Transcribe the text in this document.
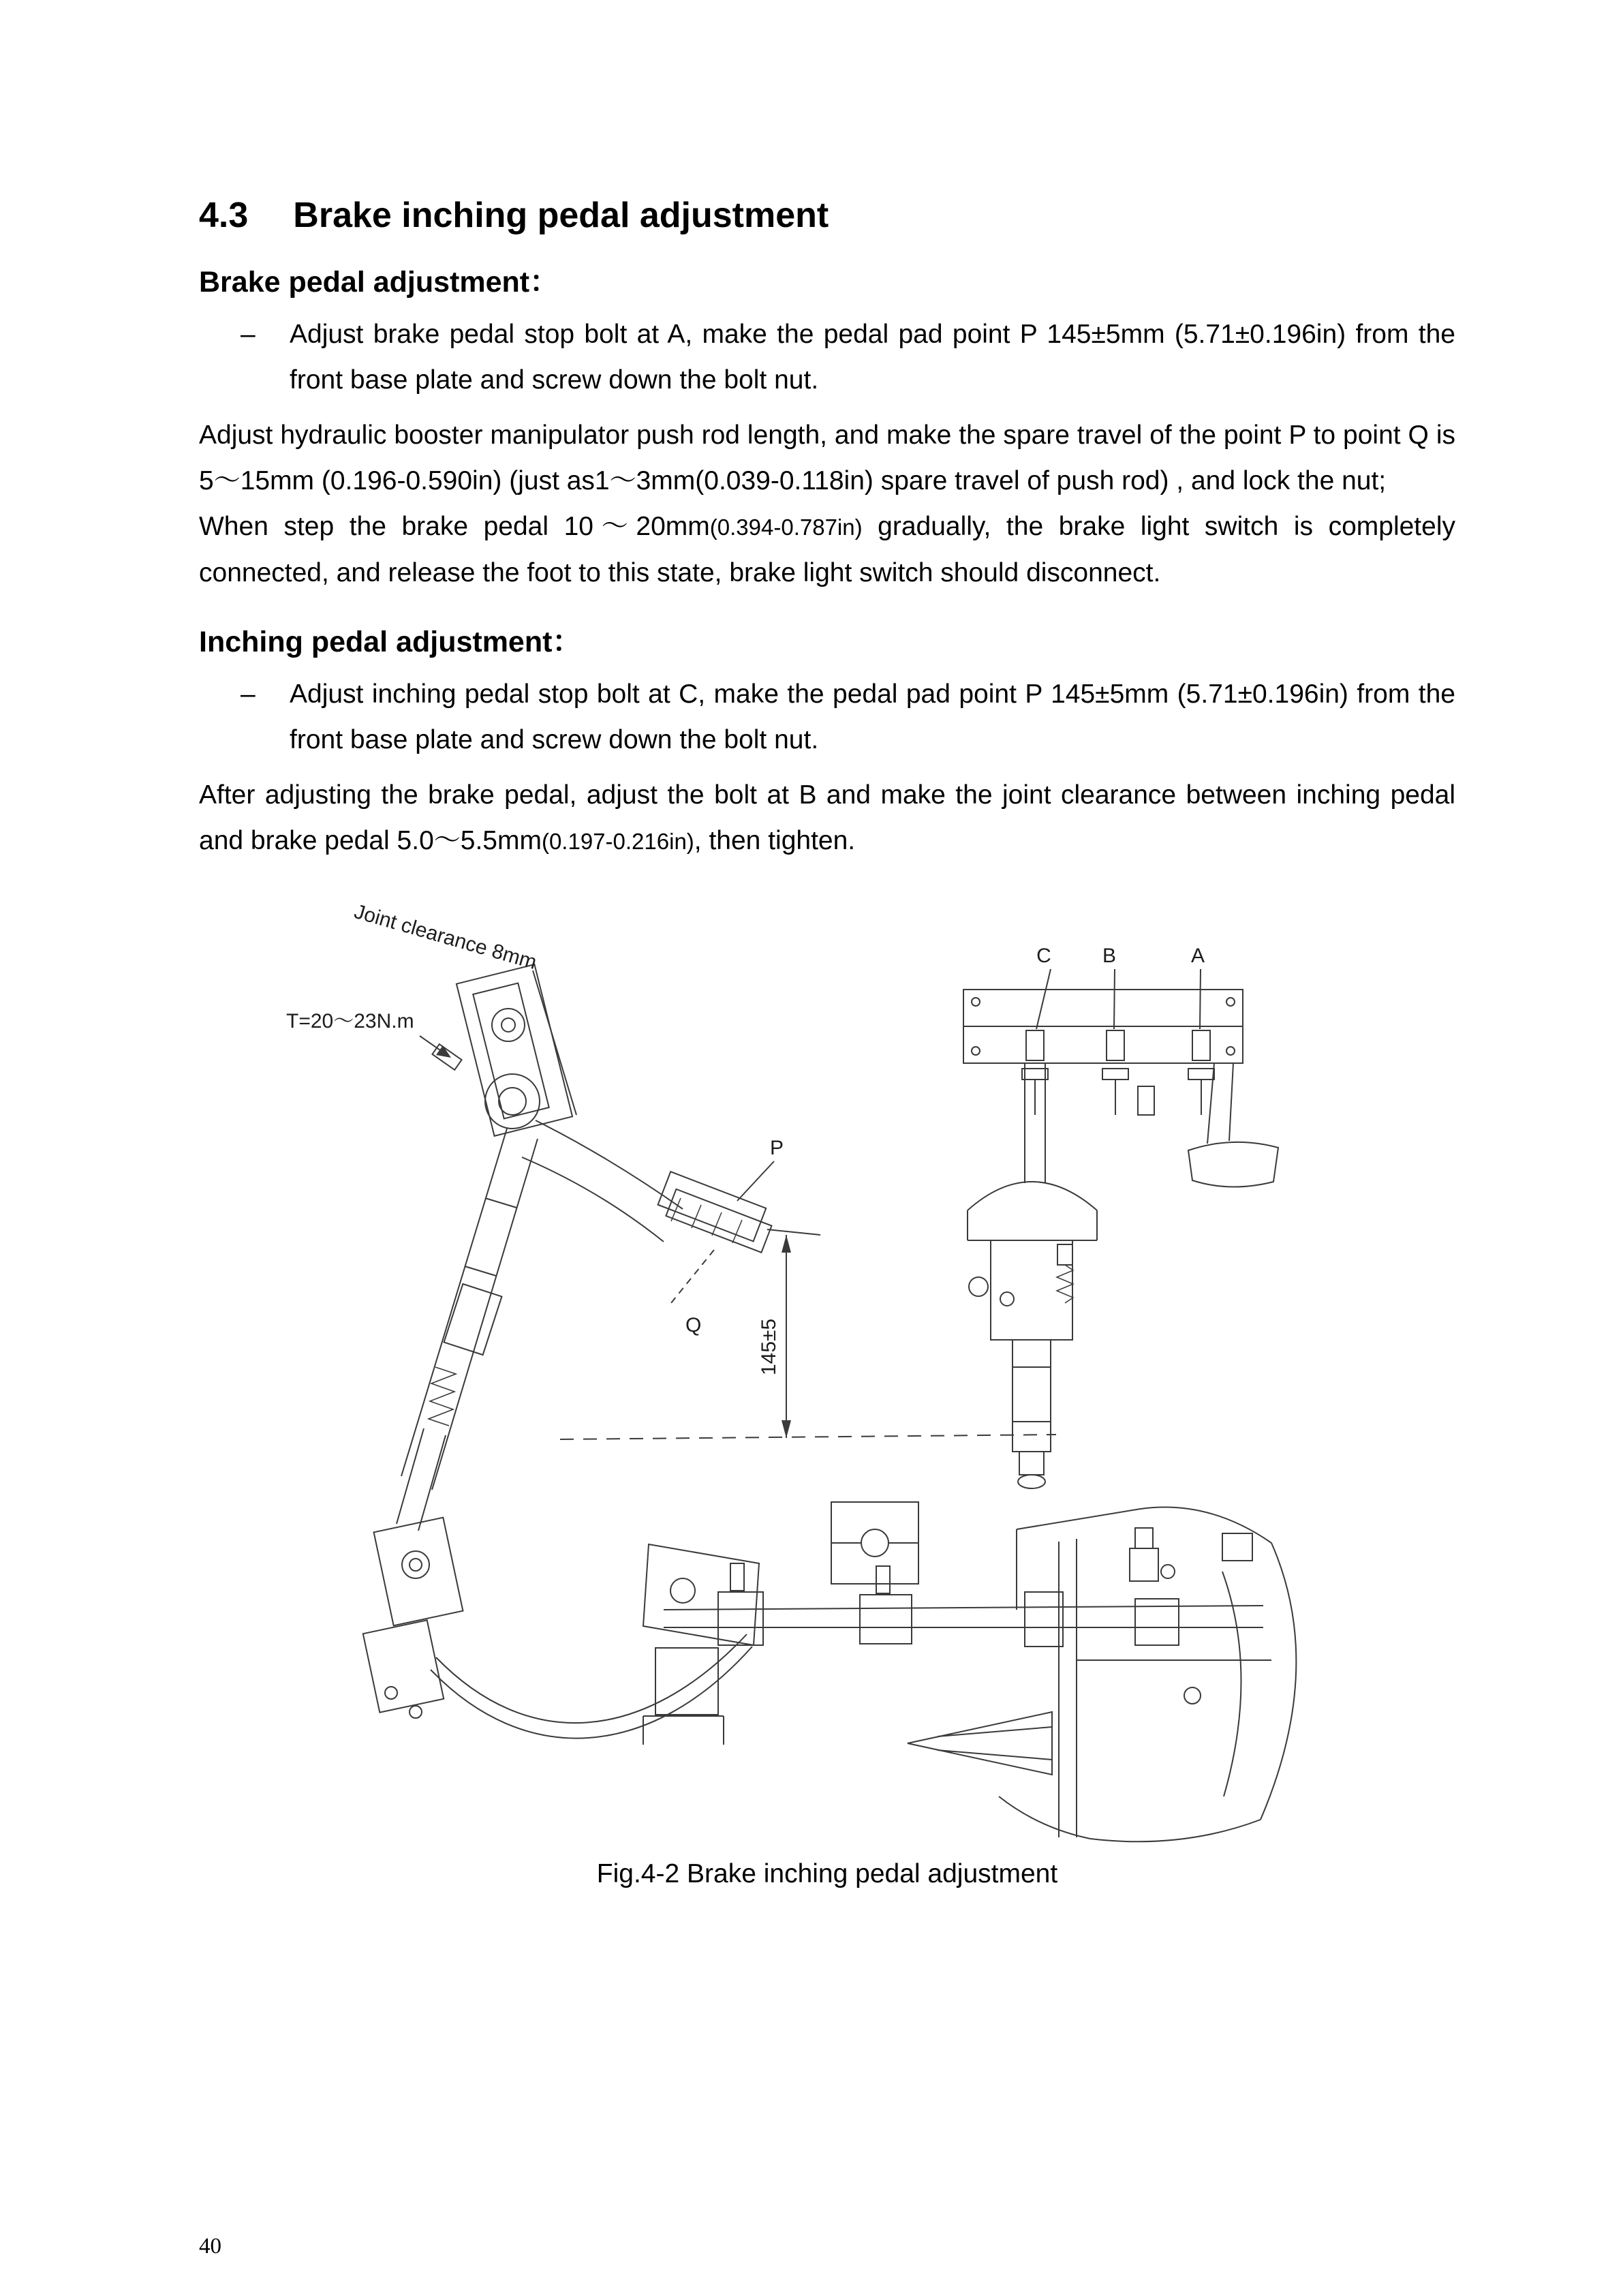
4.3 Brake inching pedal adjustment
Brake pedal adjustment：

– Adjust brake pedal stop bolt at A, make the pedal pad point P 145±5mm (5.71±0.196in) from the front base plate and screw down the bolt nut.

Adjust hydraulic booster manipulator push rod length, and make the spare travel of the point P to point Q is 5～15mm (0.196-0.590in) (just as1～3mm(0.039-0.118in) spare travel of push rod) , and lock the nut;

When step the brake pedal 10～20mm(0.394-0.787in) gradually, the brake light switch is completely connected, and release the foot to this state, brake light switch should disconnect.

Inching pedal adjustment：

– Adjust inching pedal stop bolt at C, make the pedal pad point P 145±5mm (5.71±0.196in) from the front base plate and screw down the bolt nut.

After adjusting the brake pedal, adjust the bolt at B and make the joint clearance between inching pedal and brake pedal 5.0～5.5mm(0.197-0.216in), then tighten.

Joint clearance 8mm
T=20～23N.m
C	B	A
P
Q	145±5
Fig.4-2 Brake inching pedal adjustment
40
